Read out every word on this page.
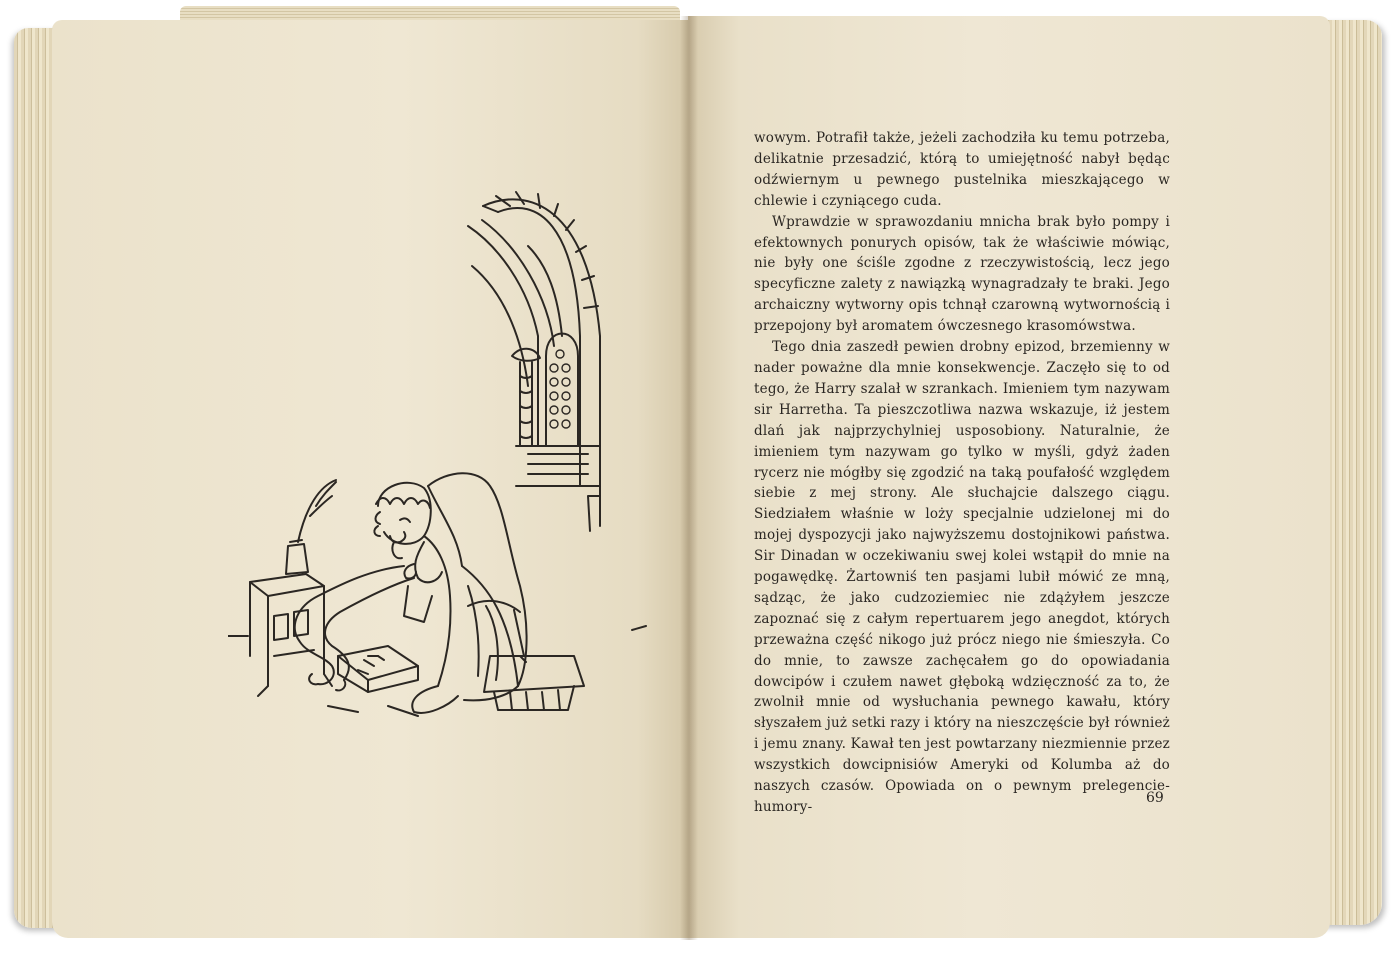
wowym. Potrafił także, jeżeli zachodziła ku temu potrzeba, delikatnie przesadzić, którą to umiejętność nabył będąc odźwiernym u pewnego pustelnika mieszkającego w chlewie i czyniącego cuda.

Wprawdzie w sprawozdaniu mnicha brak było pompy i efektownych ponurych opisów, tak że właściwie mówiąc, nie były one ściśle zgodne z rzeczywistością, lecz jego specyficzne zalety z nawiązką wynagradzały te braki. Jego archaiczny wytworny opis tchnął czarowną wytwornością i przepojony był aromatem ówczesnego krasomówstwa.

Tego dnia zaszedł pewien drobny epizod, brzemienny w nader poważne dla mnie konsekwencje. Zaczęło się to od tego, że Harry szalał w szrankach. Imieniem tym nazywam sir Harretha. Ta pieszczotliwa nazwa wskazuje, iż jestem dlań jak najprzychylniej usposobiony. Naturalnie, że imieniem tym nazywam go tylko w myśli, gdyż żaden rycerz nie mógłby się zgodzić na taką poufałość względem siebie z mej strony. Ale słuchajcie dalszego ciągu. Siedziałem właśnie w loży specjalnie udzielonej mi do mojej dyspozycji jako najwyższemu dostojnikowi państwa. Sir Dinadan w oczekiwaniu swej kolei wstąpił do mnie na pogawędkę. Żartowniś ten pasjami lubił mówić ze mną, sądząc, że jako cudzoziemiec nie zdążyłem jeszcze zapoznać się z całym repertuarem jego anegdot, których przeważna część nikogo już prócz niego nie śmieszyła. Co do mnie, to zawsze zachęcałem go do opowiadania dowcipów i czułem nawet głęboką wdzięczność za to, że zwolnił mnie od wysłuchania pewnego kawału, który słyszałem już setki razy i który na nieszczęście był również i jemu znany. Kawał ten jest powtarzany niezmiennie przez wszystkich dowcipnisiów Ameryki od Kolumba aż do naszych czasów. Opowiada on o pewnym prelegencie-humory-

69
